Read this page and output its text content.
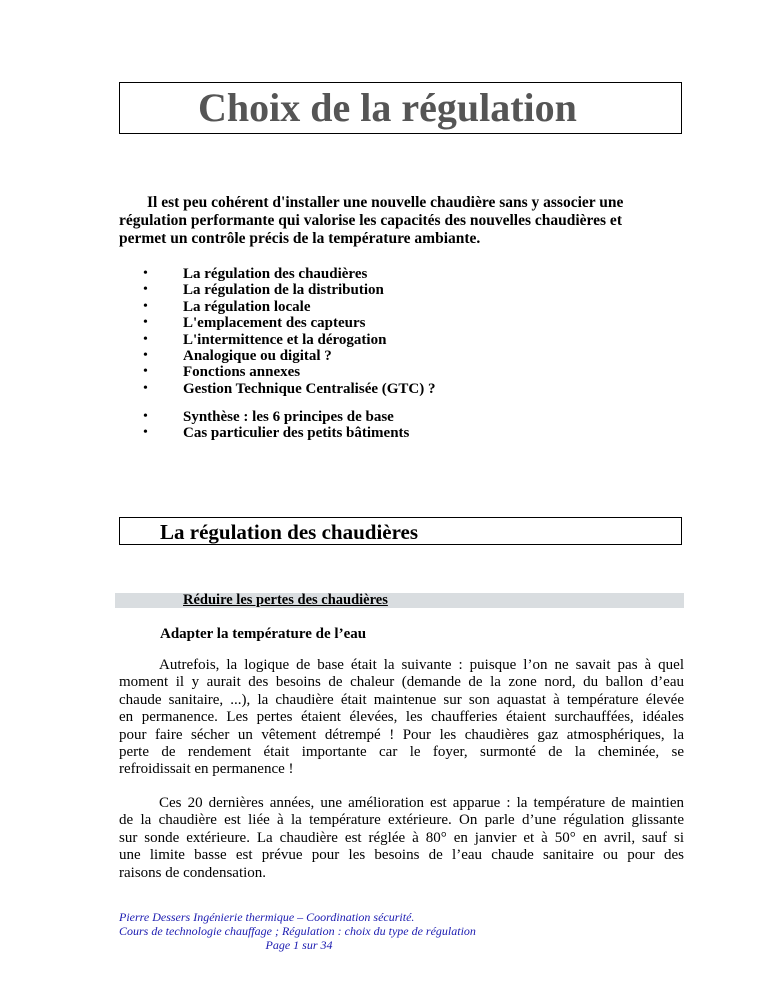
Choix de la régulation
Il est peu cohérent d'installer une nouvelle chaudière sans y associer une
régulation performante qui valorise les capacités des nouvelles chaudières et
permet un contrôle précis de la température ambiante.
• La régulation des chaudières
• La régulation de la distribution
• La régulation locale
• L'emplacement des capteurs
• L'intermittence et la dérogation
• Analogique ou digital ?
• Fonctions annexes
• Gestion Technique Centralisée (GTC) ?
• Synthèse : les 6 principes de base
• Cas particulier des petits bâtiments
La régulation des chaudières
Réduire les pertes des chaudières
Adapter la température de l’eau
Autrefois, la logique de base était la suivante : puisque l’on ne savait pas à quel
moment il y aurait des besoins de chaleur (demande de la zone nord, du ballon d’eau
chaude sanitaire, ...), la chaudière était maintenue sur son aquastat à température élevée
en permanence. Les pertes étaient élevées, les chaufferies étaient surchauffées, idéales
pour faire sécher un vêtement détrempé ! Pour les chaudières gaz atmosphériques, la
perte de rendement était importante car le foyer, surmonté de la cheminée, se
refroidissait en permanence !
Ces 20 dernières années, une amélioration est apparue : la température de maintien
de la chaudière est liée à la température extérieure. On parle d’une régulation glissante
sur sonde extérieure. La chaudière est réglée à 80° en janvier et à 50° en avril, sauf si
une limite basse est prévue pour les besoins de l’eau chaude sanitaire ou pour des
raisons de condensation.
Pierre Dessers Ingénierie thermique – Coordination sécurité.
Cours de technologie chauffage ; Régulation : choix du type de régulation
Page 1 sur 34
